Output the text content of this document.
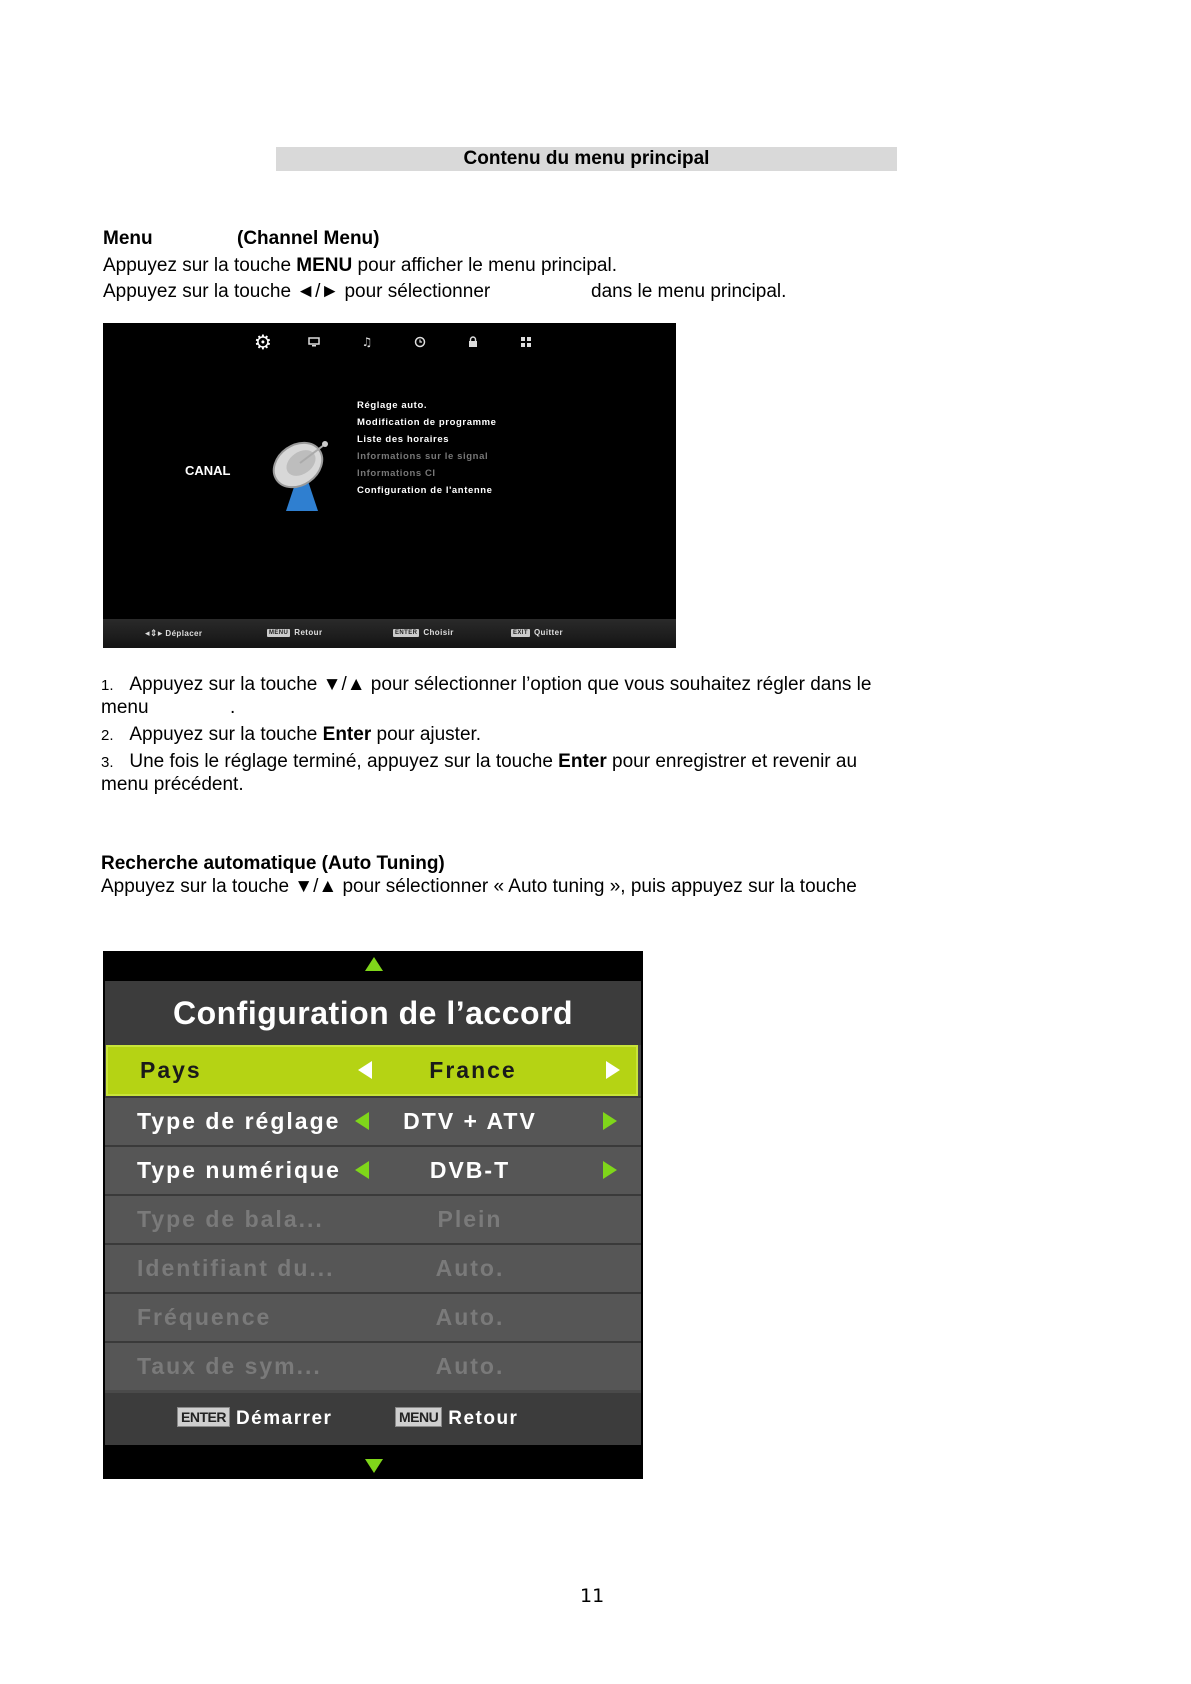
Contenu du menu principal
Menu	(Channel Menu)
Appuyez sur la touche MENU pour afficher le menu principal.
Appuyez sur la touche ◄/► pour sélectionner	dans le menu principal.
⚙	♫
CANAL
Réglage auto.
Modification de programme
Liste des horaires
Informations sur le signal
Informations CI
Configuration de l'antenne
◂⇕▸ Déplacer	MENU Retour	ENTER Choisir	EXIT Quitter
1. Appuyez sur la touche ▼/▲ pour sélectionner l’option que vous souhaitez régler dans le
menu	.
2. Appuyez sur la touche Enter pour ajuster.
3. Une fois le réglage terminé, appuyez sur la touche Enter pour enregistrer et revenir au
menu précédent.
Recherche automatique (Auto Tuning)
Appuyez sur la touche ▼/▲ pour sélectionner « Auto tuning », puis appuyez sur la touche
Configuration de l’accord
Pays	France
Type de réglage	DTV + ATV
Type numérique	DVB-T
Type de bala...	Plein
Identifiant du...	Auto.
Fréquence	Auto.
Taux de sym...	Auto.
ENTER Démarrer	MENU Retour
11
